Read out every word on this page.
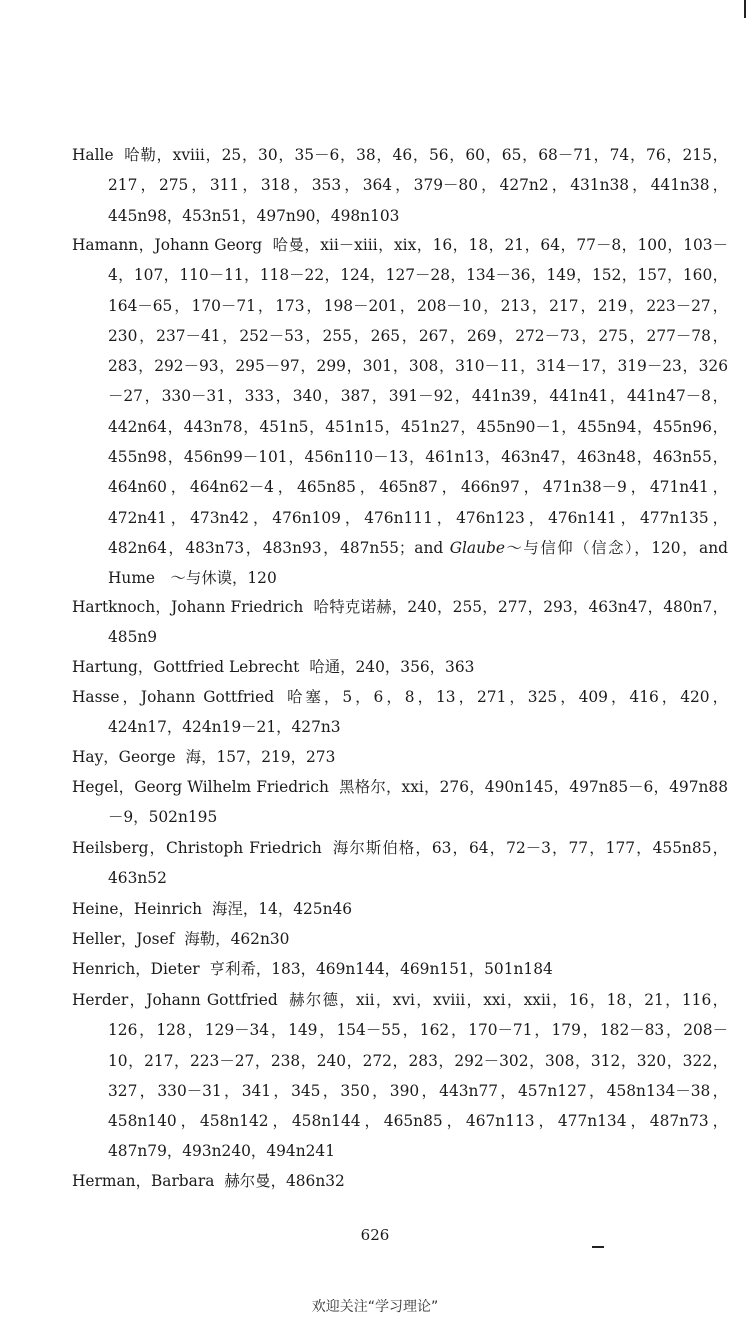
Halle 哈勒，xviii，25，30，35－6，38，46，56，60，65，68－71，74，76，215，217，275，311，318，353，364，379－80，427n2，431n38，441n38，445n98，453n51，497n90，498n103
Hamann，Johann Georg 哈曼，xii－xiii，xix，16，18，21，64，77－8，100，103－4，107，110－11，118－22，124，127－28，134－36，149，152，157，160，164－65，170－71，173，198－201，208－10，213，217，219，223－27，230，237－41，252－53，255，265，267，269，272－73，275，277－78，283，292－93，295－97，299，301，308，310－11，314－17，319－23，326－27，330－31，333，340，387，391－92，441n39，441n41，441n47－8，442n64，443n78，451n5，451n15，451n27，455n90－1，455n94，455n96，455n98，456n99－101，456n110－13，461n13，463n47，463n48，463n55，464n60，464n62－4，465n85，465n87，466n97，471n38－9，471n41，472n41，473n42，476n109，476n111，476n123，476n141，477n135，482n64，483n73，483n93，487n55；and Glaube～与信仰（信念），120，and Hume　～与休谟，120
Hartknoch，Johann Friedrich 哈特克诺赫，240，255，277，293，463n47，480n7，485n9
Hartung，Gottfried Lebrecht 哈通，240，356，363
Hasse，Johann Gottfried 哈塞，5，6，8，13，271，325，409，416，420，424n17，424n19－21，427n3
Hay，George 海，157，219，273
Hegel，Georg Wilhelm Friedrich 黑格尔，xxi，276，490n145，497n85－6，497n88－9，502n195
Heilsberg，Christoph Friedrich 海尔斯伯格，63，64，72－3，77，177，455n85，463n52
Heine，Heinrich 海涅，14，425n46
Heller，Josef 海勒，462n30
Henrich，Dieter 亨利希，183，469n144，469n151，501n184
Herder，Johann Gottfried 赫尔德，xii，xvi，xviii，xxi，xxii，16，18，21，116，126，128，129－34，149，154－55，162，170－71，179，182－83，208－10，217，223－27，238，240，272，283，292－302，308，312，320，322，327，330－31，341，345，350，390，443n77，457n127，458n134－38，458n140，458n142，458n144，465n85，467n113，477n134，487n73，487n79，493n240，494n241
Herman，Barbara 赫尔曼，486n32
626
欢迎关注“学习理论”
